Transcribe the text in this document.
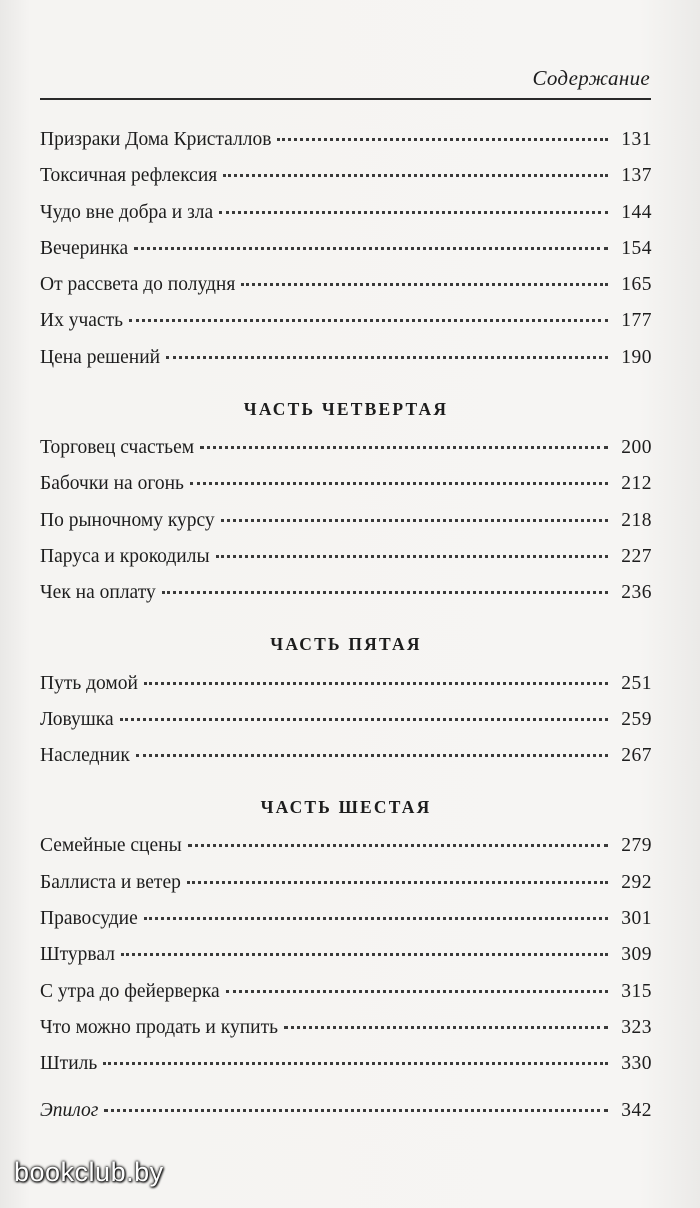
Содержание
Призраки Дома Кристаллов	131
Токсичная рефлексия	137
Чудо вне добра и зла	144
Вечеринка	154
От рассвета до полудня	165
Их участь	177
Цена решений	190
ЧАСТЬ ЧЕТВЕРТАЯ
Торговец счастьем	200
Бабочки на огонь	212
По рыночному курсу	218
Паруса и крокодилы	227
Чек на оплату	236
ЧАСТЬ ПЯТАЯ
Путь домой	251
Ловушка	259
Наследник	267
ЧАСТЬ ШЕСТАЯ
Семейные сцены	279
Баллиста и ветер	292
Правосудие	301
Штурвал	309
С утра до фейерверка	315
Что можно продать и купить	323
Штиль	330
Эпилог	342
bookclub.by
